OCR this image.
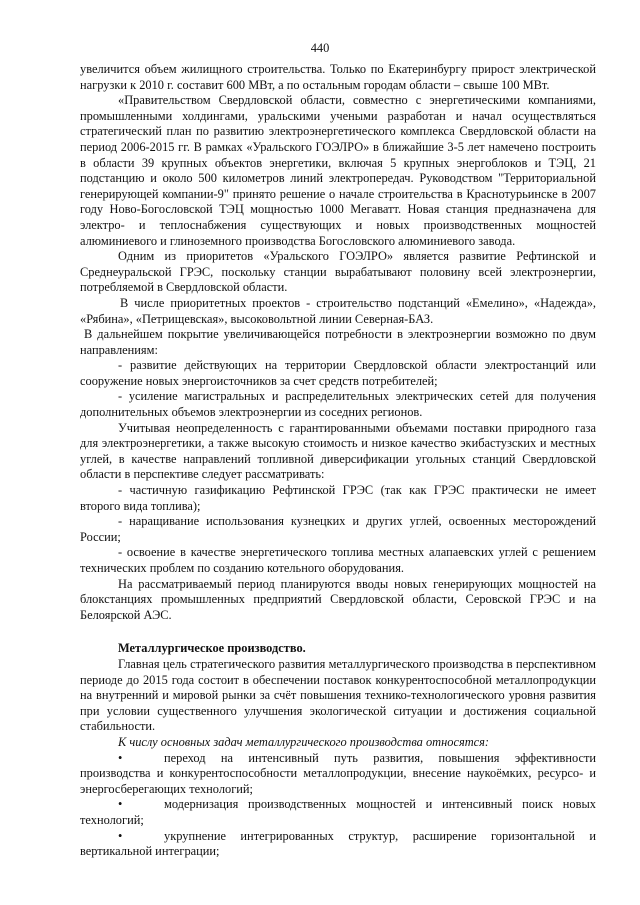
440

увеличится объем жилищного строительства. Только по Екатеринбургу прирост электрической нагрузки к 2010 г. составит 600 МВт, а по остальным городам области – свыше 100 МВт.

«Правительством Свердловской области, совместно с энергетическими компаниями, промышленными холдингами, уральскими учеными разработан и начал осуществляться стратегический план по развитию электроэнергетического комплекса Свердловской области на период 2006-2015 гг. В рамках «Уральского ГОЭЛРО» в ближайшие 3-5 лет намечено построить в области 39 крупных объектов энергетики, включая 5 крупных энергоблоков и ТЭЦ, 21 подстанцию и около 500 километров линий электропередач. Руководством "Территориальной генерирующей компании-9" принято решение о начале строительства в Краснотурьинске в 2007 году Ново-Богословской ТЭЦ мощностью 1000 Мегаватт. Новая станция предназначена для электро- и теплоснабжения существующих и новых производственных мощностей алюминиевого и глиноземного производства Богословского алюминиевого завода.

Одним из приоритетов «Уральского ГОЭЛРО» является развитие Рефтинской и Среднеуральской ГРЭС, поскольку станции вырабатывают половину всей электроэнергии, потребляемой в Свердловской области.

В числе приоритетных проектов - строительство подстанций «Емелино», «Надежда», «Рябина», «Петрищевская», высоковольтной линии Северная-БАЗ.

В дальнейшем покрытие увеличивающейся потребности в электроэнергии возможно по двум направлениям:

- развитие действующих на территории Свердловской области электростанций или сооружение новых энергоисточников за счет средств потребителей;

- усиление магистральных и распределительных электрических сетей для получения дополнительных объемов электроэнергии из соседних регионов.

Учитывая неопределенность с гарантированными объемами поставки природного газа для электроэнергетики, а также высокую стоимость и низкое качество экибастузских и местных углей, в качестве направлений топливной диверсификации угольных станций Свердловской области в перспективе следует рассматривать:

- частичную газификацию Рефтинской ГРЭС (так как ГРЭС практически не имеет второго вида топлива);

- наращивание использования кузнецких и других углей, освоенных месторождений России;

- освоение в качестве энергетического топлива местных алапаевских углей с решением технических проблем по созданию котельного оборудования.

На рассматриваемый период планируются вводы новых генерирующих мощностей на блокстанциях промышленных предприятий Свердловской области, Серовской ГРЭС и на Белоярской АЭС.

Металлургическое производство.

Главная цель стратегического развития металлургического производства в перспективном периоде до 2015 года состоит в обеспечении поставок конкурентоспособной металлопродукции на внутренний и мировой рынки за счёт повышения технико-технологического уровня развития при условии существенного улучшения экологической ситуации и достижения социальной стабильности.

К числу основных задач металлургического производства относятся:

•	переход на интенсивный путь развития, повышения эффективности производства и конкурентоспособности металлопродукции, внесение наукоёмких, ресурсо- и энергосберегающих технологий;

•	модернизация производственных мощностей и интенсивный поиск новых технологий;

•	укрупнение интегрированных структур, расширение горизонтальной и вертикальной интеграции;
